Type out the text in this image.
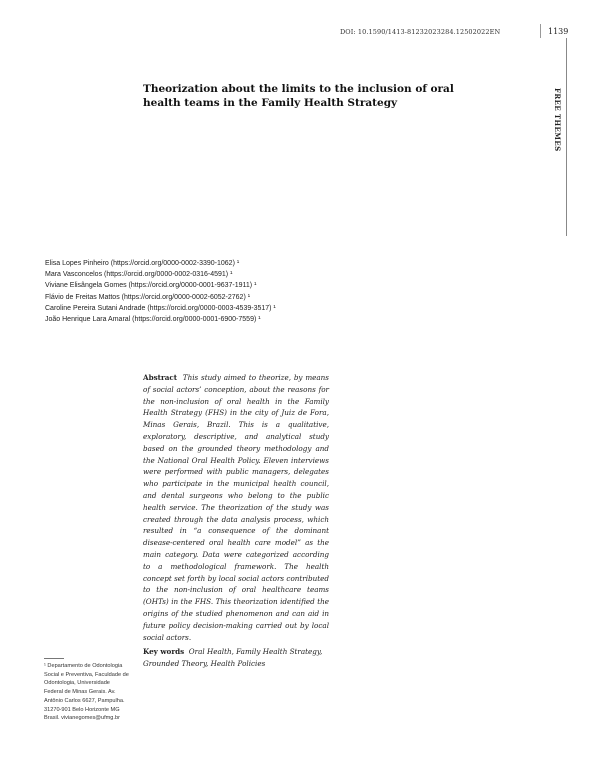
DOI: 10.1590/1413-81232023284.12502022EN	1139
FREE THEMES
Theorization about the limits to the inclusion of oral health teams in the Family Health Strategy
Elisa Lopes Pinheiro (https://orcid.org/0000-0002-3390-1062) ¹
Mara Vasconcelos (https://orcid.org/0000-0002-0316-4591) ¹
Viviane Elisângela Gomes (https://orcid.org/0000-0001-9637-1911) ¹
Flávio de Freitas Mattos (https://orcid.org/0000-0002-6052-2762) ¹
Caroline Pereira Sutani Andrade (https://orcid.org/0000-0003-4539-3517) ¹
João Henrique Lara Amaral (https://orcid.org/0000-0001-6900-7559) ¹
Abstract This study aimed to theorize, by means of social actors’ conception, about the reasons for the non-inclusion of oral health in the Family Health Strategy (FHS) in the city of Juiz de Fora, Minas Gerais, Brazil. This is a qualitative, exploratory, descriptive, and analytical study based on the grounded theory methodology and the National Oral Health Policy. Eleven interviews were performed with public managers, delegates who participate in the municipal health council, and dental surgeons who belong to the public health service. The theorization of the study was created through the data analysis process, which resulted in “a consequence of the dominant disease-centered oral health care model” as the main category. Data were categorized according to a methodological framework. The health concept set forth by local social actors contributed to the non-inclusion of oral healthcare teams (OHTs) in the FHS. This theorization identified the origins of the studied phenomenon and can aid in future policy decision-making carried out by local social actors.
Key words Oral Health, Family Health Strategy, Grounded Theory, Health Policies
¹ Departamento de Odontologia Social e Preventiva, Faculdade de Odontologia, Universidade Federal de Minas Gerais. Av. Antônio Carlos 6627, Pampulha. 31270-901 Belo Horizonte MG Brasil. vivianegomes@ufmg.br
